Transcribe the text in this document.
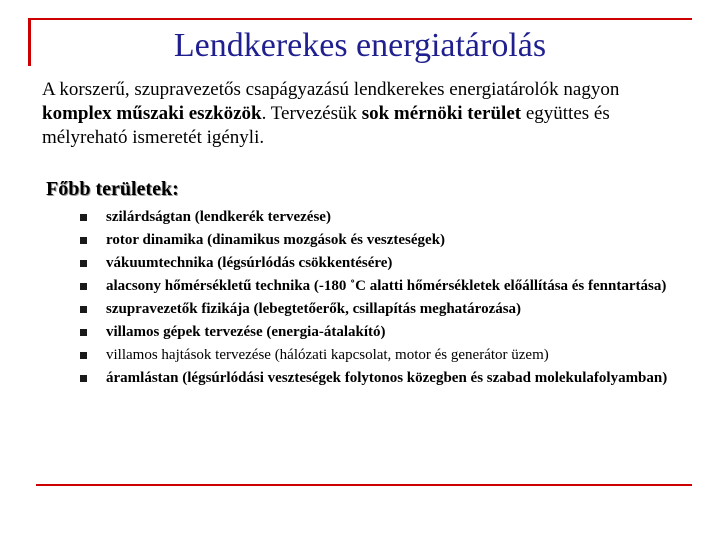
Lendkerekes energiatárolás
A korszerű, szupravezetős csapágyazású lendkerekes energiatárolók nagyon komplex műszaki eszközök. Tervezésük sok mérnöki terület együttes és mélyreható ismeretét igényli.
Főbb területek:
szilárdságtan (lendkerék tervezése)
rotor dinamika (dinamikus mozgások és veszteségek)
vákuumtechnika (légsúrlódás csökkentésére)
alacsony hőmérsékletű technika (-180 ˚C alatti hőmérsékletek előállítása és fenntartása)
szupravezetők fizikája (lebegtetőerők, csillapítás meghatározása)
villamos gépek tervezése (energia-átalakító)
villamos hajtások tervezése (hálózati kapcsolat, motor és generátor üzem)
áramlástan (légsúrlódási veszteségek folytonos közegben és szabad molekulafolyamban)
